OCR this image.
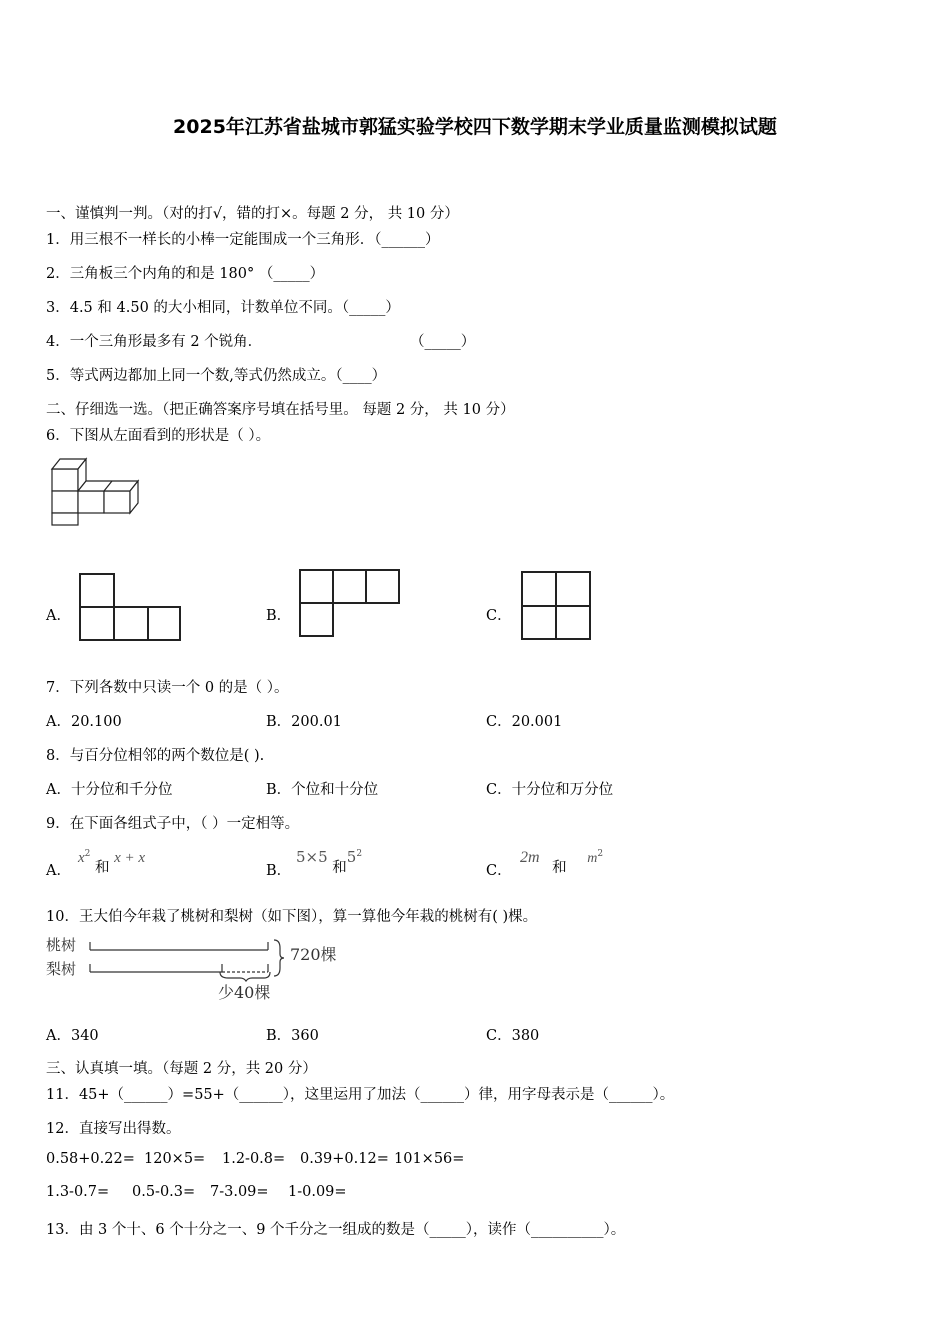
2025年江苏省盐城市郭猛实验学校四下数学期末学业质量监测模拟试题
一、谨慎判一判。（对的打√，错的打×。每题 2 分， 共 10 分）
1．用三根不一样长的小棒一定能围成一个三角形．（______）
2．三角板三个内角的和是 180° （_____）
3．4.5 和 4.50 的大小相同，计数单位不同。（_____）
4．一个三角形最多有 2 个锐角．	（_____）
5．等式两边都加上同一个数,等式仍然成立。（____）
二、仔细选一选。（把正确答案序号填在括号里。 每题 2 分， 共 10 分）
6．下图从左面看到的形状是（ ）。
A．	B．	C．
7．下列各数中只读一个 0 的是（ ）。
A．20.100	B．200.01	C．20.001
8．与百分位相邻的两个数位是( ).
A．十分位和千分位	B．个位和十分位	C．十分位和万分位
9．在下面各组式子中，（ ）一定相等。
A．
$x^2$ 和 x + x
B．
5×5 和$5^2$
C．
2m 和 $m^2$
10．王大伯今年栽了桃树和梨树（如下图），算一算他今年栽的桃树有( )棵。
桃树
梨树
720棵
少40棵
A．340	B．360	C．380
三、认真填一填。（每题 2 分，共 20 分）
11．45+（______）=55+（______），这里运用了加法（______）律，用字母表示是（______）。
12．直接写出得数。
0.58+0.22= 120×5= 1.2-0.8= 0.39+0.12= 101×56=
1.3-0.7= 0.5-0.3= 7-3.09= 1-0.09=
13．由 3 个十、6 个十分之一、9 个千分之一组成的数是（_____），读作（__________）。
